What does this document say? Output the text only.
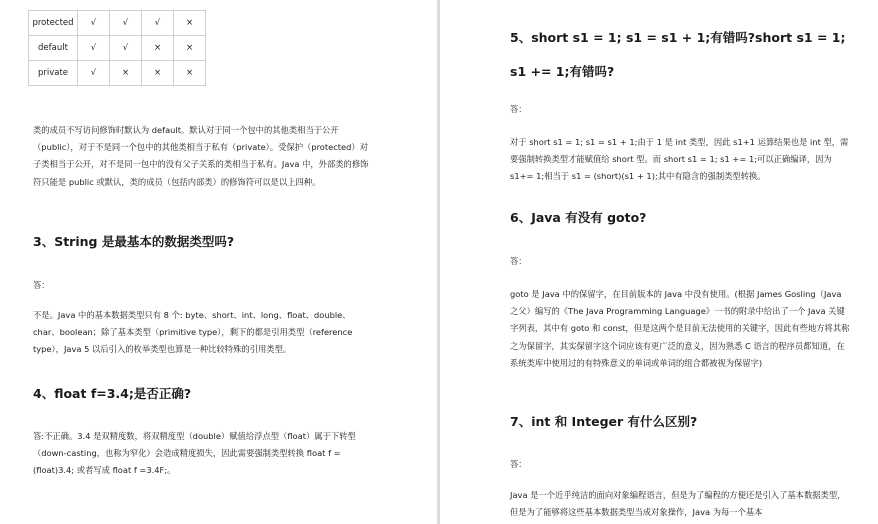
protected	√	√	√	×
default	√	√	×	×
private	√	×	×	×

类的成员不写访问修饰时默认为 default。默认对于同一个包中的其他类相当于公开（public），对于不是同一个包中的其他类相当于私有（private）。受保护（protected）对子类相当于公开，对不是同一包中的没有父子关系的类相当于私有。Java 中，外部类的修饰符只能是 public 或默认，类的成员（包括内部类）的修饰符可以是以上四种。

3、String 是最基本的数据类型吗?

答：

不是。Java 中的基本数据类型只有 8 个: byte、short、int、long、float、double、char、boolean；除了基本类型（primitive type），剩下的都是引用类型（reference type），Java 5 以后引入的枚举类型也算是一种比较特殊的引用类型。

4、float f=3.4;是否正确?

答:不正确。3.4 是双精度数，将双精度型（double）赋值给浮点型（float）属于下转型（down-casting，也称为窄化）会造成精度损失，因此需要强制类型转换 float f =(float)3.4; 或者写成 float f =3.4F;。

5、short s1 = 1; s1 = s1 + 1;有错吗?short s1 = 1; s1 += 1;有错吗?

答：

对于 short s1 = 1; s1 = s1 + 1;由于 1 是 int 类型，因此 s1+1 运算结果也是 int 型，需要强制转换类型才能赋值给 short 型。而 short s1 = 1; s1 += 1;可以正确编译，因为 s1+= 1;相当于 s1 = (short)(s1 + 1);其中有隐含的强制类型转换。

6、Java 有没有 goto?

答：

goto 是 Java 中的保留字，在目前版本的 Java 中没有使用。(根据 James Gosling（Java 之父）编写的《The Java Programming Language》一书的附录中给出了一个 Java 关键字列表，其中有 goto 和 const，但是这两个是目前无法使用的关键字，因此有些地方将其称之为保留字，其实保留字这个词应该有更广泛的意义，因为熟悉 C 语言的程序员都知道，在系统类库中使用过的有特殊意义的单词或单词的组合都被视为保留字)

7、int 和 Integer 有什么区别?

答：

Java 是一个近乎纯洁的面向对象编程语言，但是为了编程的方便还是引入了基本数据类型，但是为了能够将这些基本数据类型当成对象操作，Java 为每一个基本
